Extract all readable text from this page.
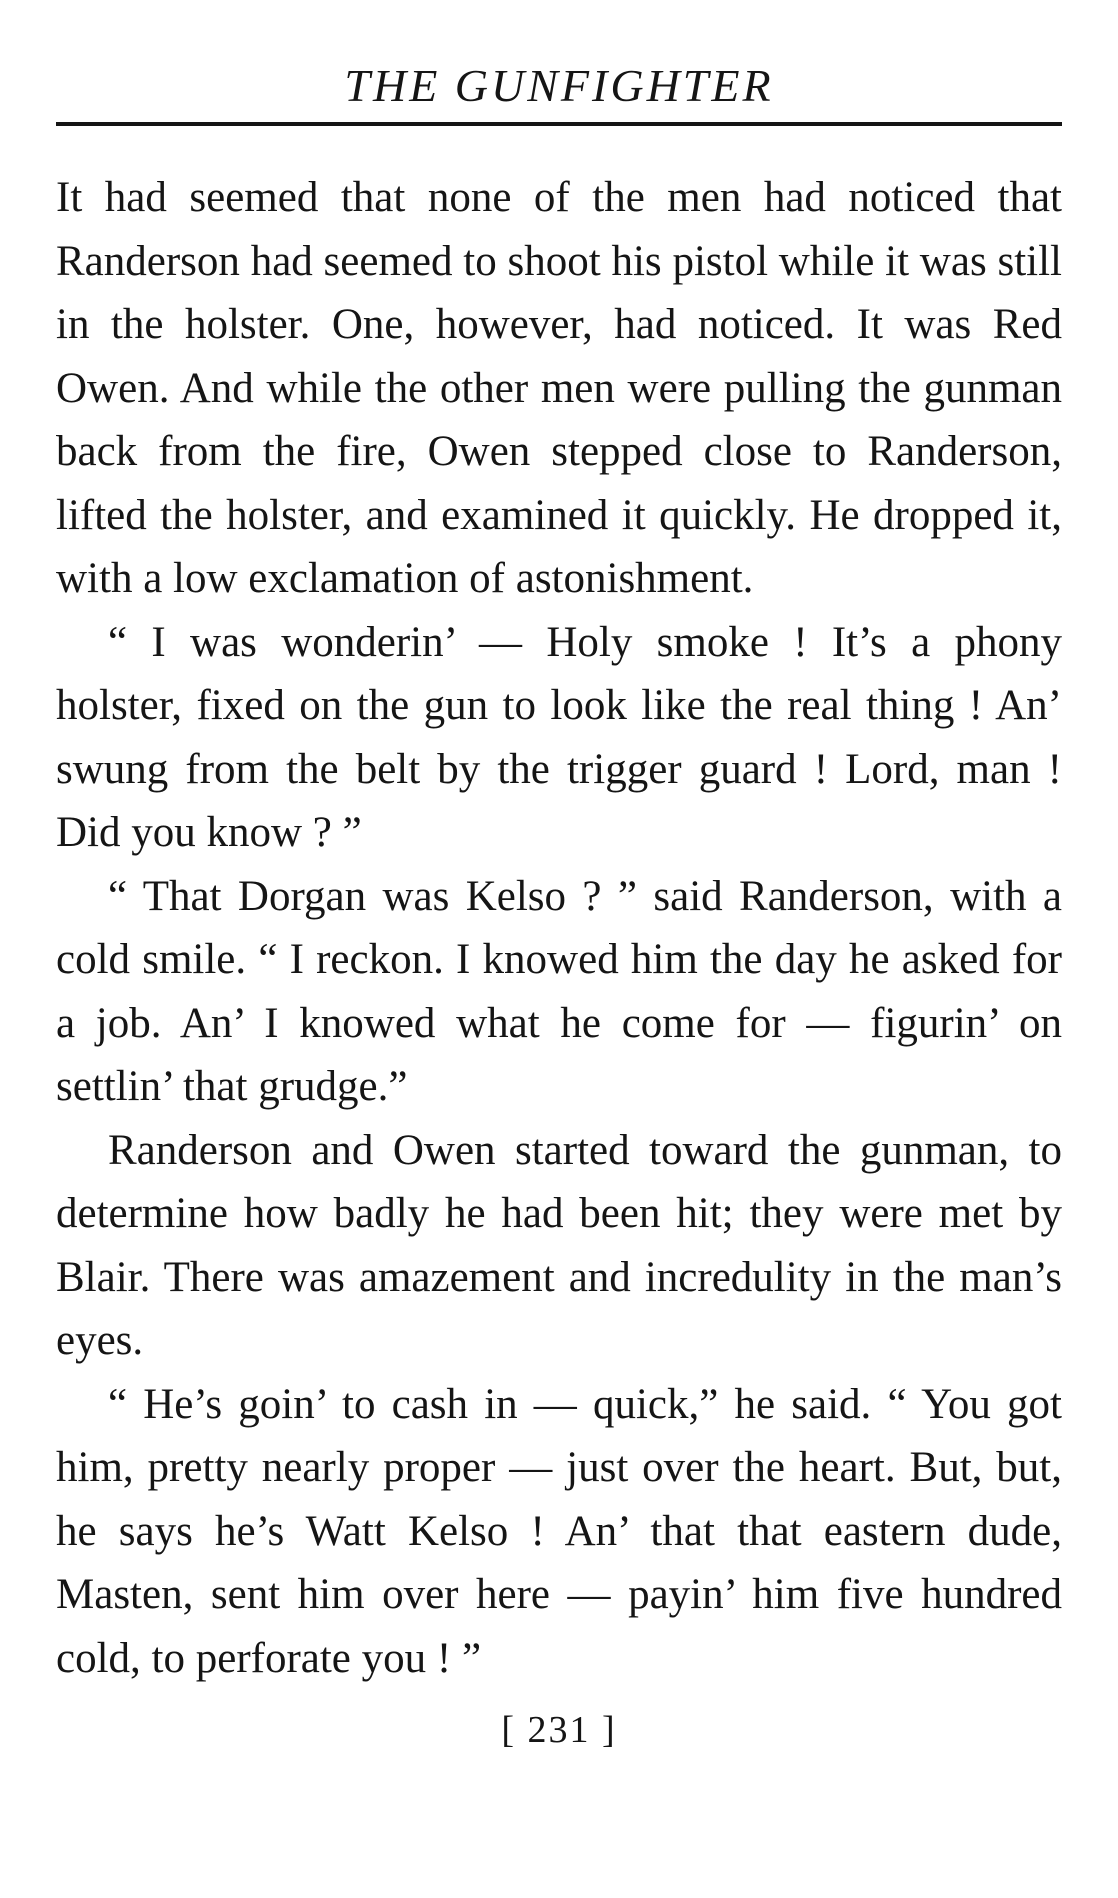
THE GUNFIGHTER

It had seemed that none of the men had noticed that Randerson had seemed to shoot his pistol while it was still in the holster. One, however, had noticed. It was Red Owen. And while the other men were pulling the gunman back from the fire, Owen stepped close to Randerson, lifted the holster, and examined it quickly. He dropped it, with a low exclamation of astonishment.

“ I was wonderin’ — Holy smoke ! It’s a phony holster, fixed on the gun to look like the real thing ! An’ swung from the belt by the trigger guard ! Lord, man ! Did you know ? ”

“ That Dorgan was Kelso ? ” said Randerson, with a cold smile. “ I reckon. I knowed him the day he asked for a job. An’ I knowed what he come for — figurin’ on settlin’ that grudge.”

Randerson and Owen started toward the gunman, to determine how badly he had been hit; they were met by Blair. There was amazement and incredulity in the man’s eyes.

“ He’s goin’ to cash in — quick,” he said. “ You got him, pretty nearly proper — just over the heart. But, but, he says he’s Watt Kelso ! An’ that that eastern dude, Masten, sent him over here — payin’ him five hundred cold, to perforate you ! ”

[ 231 ]
